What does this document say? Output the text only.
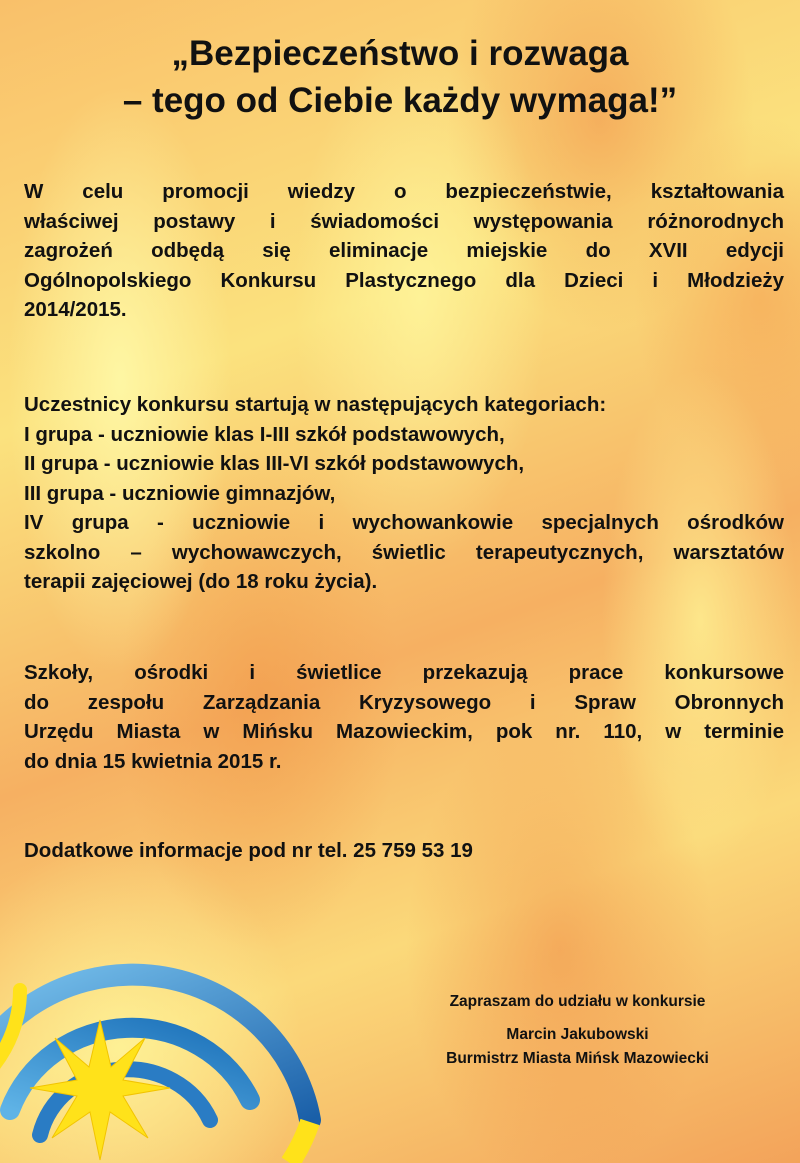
„Bezpieczeństwo i rozwaga
– tego od Ciebie każdy wymaga!”
W celu promocji wiedzy o bezpieczeństwie, kształtowania
właściwej postawy i świadomości występowania różnorodnych
zagrożeń odbędą się eliminacje miejskie do XVII edycji
Ogólnopolskiego Konkursu Plastycznego dla Dzieci i Młodzieży
2014/2015.
Uczestnicy konkursu startują w następujących kategoriach:
I grupa - uczniowie klas I-III szkół podstawowych,
II grupa - uczniowie klas III-VI szkół podstawowych,
III grupa - uczniowie gimnazjów,
IV grupa - uczniowie i wychowankowie specjalnych ośrodków
szkolno – wychowawczych, świetlic terapeutycznych, warsztatów
terapii zajęciowej (do 18 roku życia).
Szkoły, ośrodki i świetlice przekazują prace konkursowe
do zespołu Zarządzania Kryzysowego i Spraw Obronnych
Urzędu Miasta w Mińsku Mazowieckim, pok nr. 110, w terminie
do dnia 15 kwietnia 2015 r.
Dodatkowe informacje pod nr tel. 25 759 53 19
Zapraszam do udziału w konkursie
Marcin Jakubowski
Burmistrz Miasta Mińsk Mazowiecki
